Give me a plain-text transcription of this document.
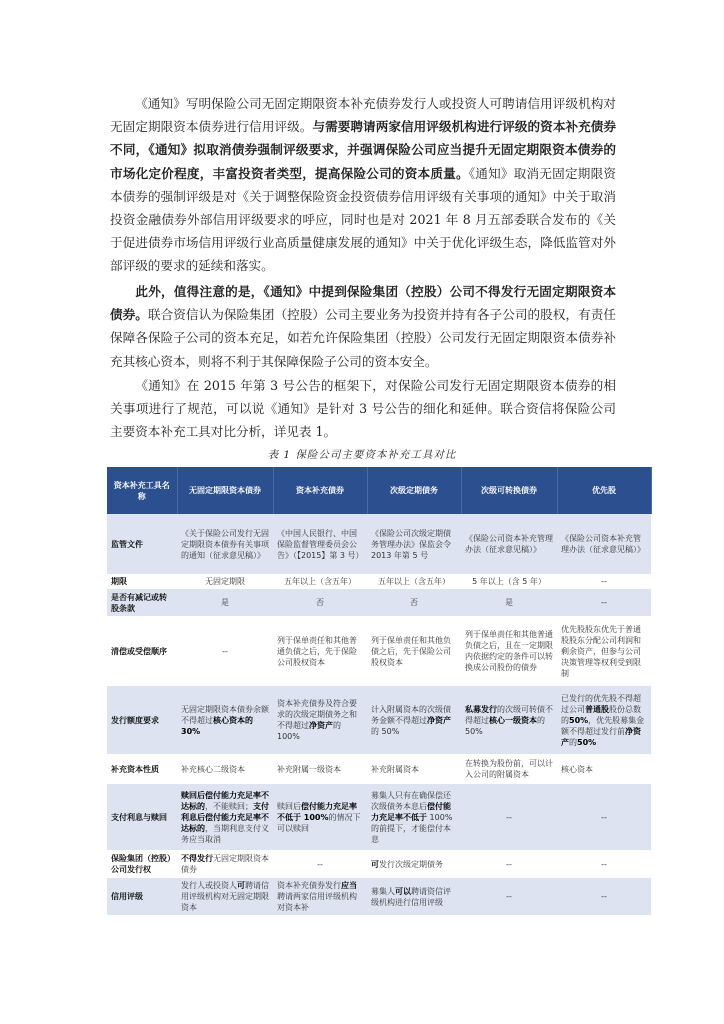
  《通知》写明保险公司无固定期限资本补充债券发行人或投资人可聘请信用评级机构对无固定期限资本债券进行信用评级。与需要聘请两家信用评级机构进行评级的资本补充债券不同，《通知》拟取消债券强制评级要求，并强调保险公司应当提升无固定期限资本债券的市场化定价程度，丰富投资者类型，提高保险公司的资本质量。《通知》取消无固定期限资本债券的强制评级是对《关于调整保险资金投资债券信用评级有关事项的通知》中关于取消投资金融债券外部信用评级要求的呼应，同时也是对 2021 年 8 月五部委联合发布的《关于促进债券市场信用评级行业高质量健康发展的通知》中关于优化评级生态，降低监管对外部评级的要求的延续和落实。

  此外，值得注意的是，《通知》中提到保险集团（控股）公司不得发行无固定期限资本债券。联合资信认为保险集团（控股）公司主要业务为投资并持有各子公司的股权，有责任保障各保险子公司的资本充足，如若允许保险集团（控股）公司发行无固定期限资本债券补充其核心资本，则将不利于其保障保险子公司的资本安全。

  《通知》在 2015 年第 3 号公告的框架下，对保险公司发行无固定期限资本债券的相关事项进行了规范，可以说《通知》是针对 3 号公告的细化和延伸。联合资信将保险公司主要资本补充工具对比分析，详见表 1。

表 1 保险公司主要资本补充工具对比
资本补充工具名称	无固定期限资本债券	资本补充债券	次级定期债务	次级可转换债券	优先股
监管文件	《关于保险公司发行无固定期限资本债券有关事项的通知（征求意见稿）》	《中国人民银行、中国保险监督管理委员会公告》（【2015】第 3 号）	《保险公司次级定期债务管理办法》保监会令 2013 年第 5 号	《保险公司资本补充管理办法（征求意见稿）》	《保险公司资本补充管理办法（征求意见稿）》
期限	无固定期限	五年以上（含五年）	五年以上（含五年）	5 年以上（含 5 年）	--
是否有减记或转股条款	是	否	否	是	--
清偿或受偿顺序	--	列于保单责任和其他普通负债之后，先于保险公司股权资本	列于保单责任和其他负债之后，先于保险公司股权资本	列于保单责任和其他普通负债之后，且在一定期限内依据约定的条件可以转换成公司股份的债券	优先股股东优先于普通股股东分配公司利润和剩余资产，但参与公司决策管理等权利受到限制
发行额度要求	无固定期限资本债券余额不得超过核心资本的 30%	资本补充债券及符合要求的次级定期债务之和不得超过净资产的 100%	计入附属资本的次级债务金额不得超过净资产的 50%	私募发行的次级可转债不得超过核心一级资本的 50%	已发行的优先股不得超过公司普通股股份总数的50%，优先股募集金额不得超过发行前净资产的50%
补充资本性质	补充核心二级资本	补充附属一级资本	补充附属资本	在转换为股份前，可以计入公司的附属资本	核心资本
支付利息与赎回	赎回后偿付能力充足率不达标的，不能赎回；支付利息后偿付能力充足率不达标的，当期利息支付义务应当取消	赎回后偿付能力充足率不低于 100%的情况下可以赎回	募集人只有在确保偿还次级债务本息后偿付能力充足率不低于 100% 的前提下，才能偿付本息	--	--
保险集团（控股）公司发行权	不得发行无固定期限资本债券	--	可发行次级定期债务	--	--
信用评级	发行人或投资人可聘请信用评级机构对无固定期限资本	资本补充债券发行应当聘请两家信用评级机构对资本补	募集人可以聘请资信评级机构进行信用评级	--	--
